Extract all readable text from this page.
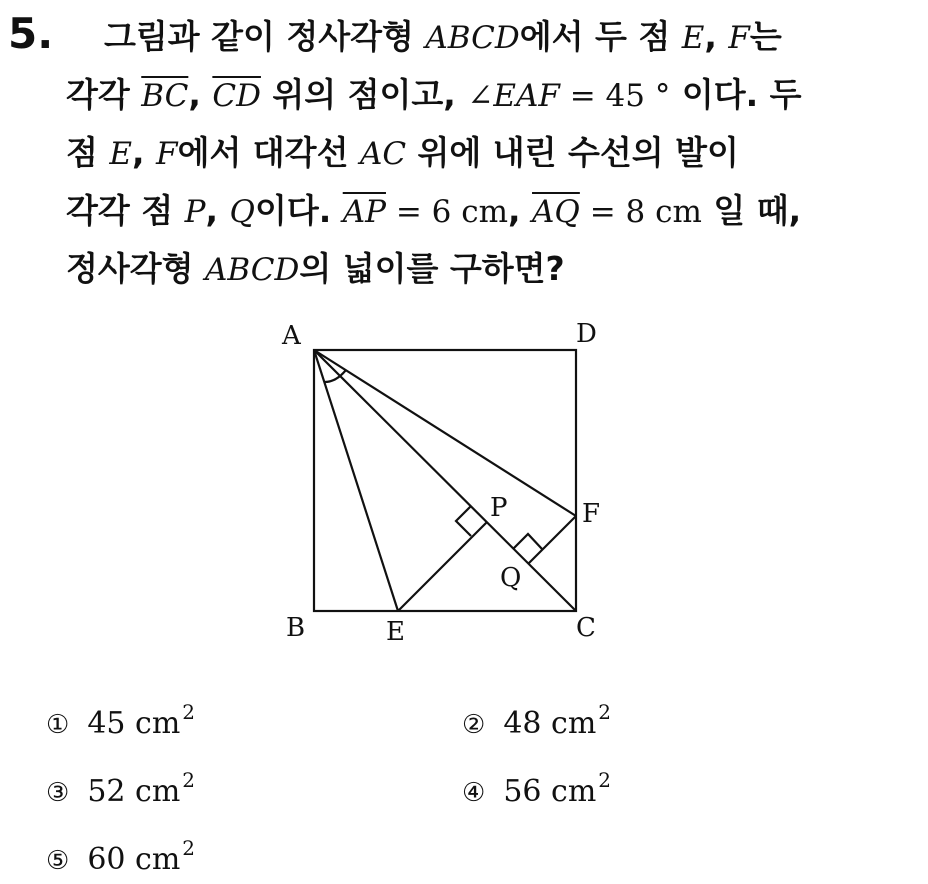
5.	그림과 같이 정사각형 ABCD에서 두 점 E, F는
각각 $\overline{BC}$, $\overline{CD}$ 위의 점이고, ∠EAF = 45 ° 이다. 두
점 E, F에서 대각선 AC 위에 내린 수선의 발이
각각 점 P, Q이다. $\overline{AP} = 6$ cm, $\overline{AQ} = 8$ cm 일 때,
정사각형 ABCD의 넓이를 구하면?
A	D
B	E	C
F
P
Q
① 45 cm 2	② 48 cm 2
③ 52 cm 2	④ 56 cm 2
⑤ 60 cm 2
